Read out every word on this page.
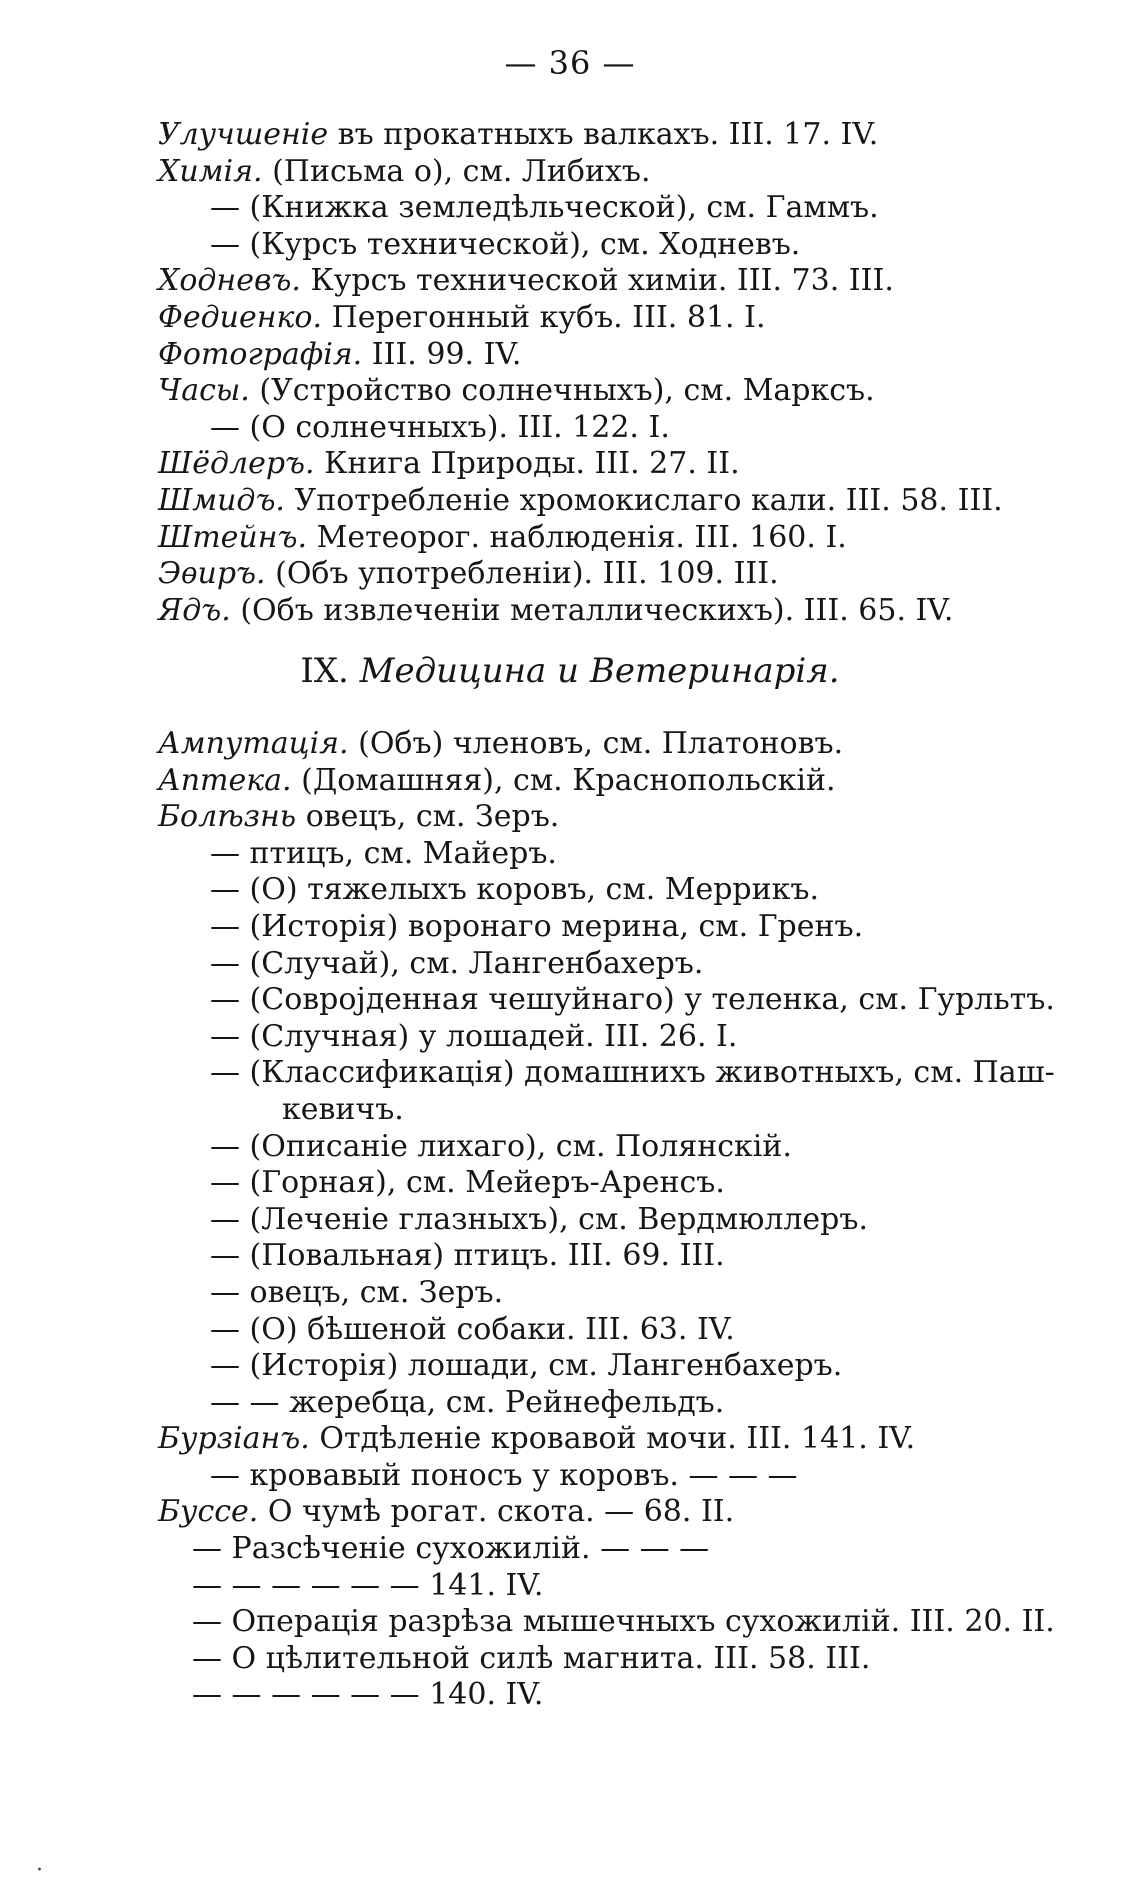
— 36 —
Улучшеніе въ прокатныхъ валкахъ. III. 17. IV.
Химія. (Письма о), см. Либихъ.
— (Книжка земледѣльческой), см. Гаммъ.
— (Курсъ технической), см. Ходневъ.
Ходневъ. Курсъ технической химіи. III. 73. III.
Федиенко. Перегонный кубъ. III. 81. I.
Фотографія. III. 99. IV.
Часы. (Устройство солнечныхъ), см. Марксъ.
— (О солнечныхъ). III. 122. I.
Шёдлеръ. Книга Природы. III. 27. II.
Шмидъ. Употребленіе хромокислаго кали. III. 58. III.
Штейнъ. Метеорог. наблюденія. III. 160. I.
Эѳиръ. (Объ употребленіи). III. 109. III.
Ядъ. (Объ извлеченіи металлическихъ). III. 65. IV.
IX. Медицина и Ветеринарія.
Ампутація. (Объ) членовъ, см. Платоновъ.
Аптека. (Домашняя), см. Краснопольскій.
Болѣзнь овецъ, см. Зеръ.
— птицъ, см. Майеръ.
— (О) тяжелыхъ коровъ, см. Меррикъ.
— (Исторія) воронаго мерина, см. Гренъ.
— (Случай), см. Лангенбахеръ.
— (Совроjденная чешуйнаго) у теленка, см. Гурльтъ.
— (Случная) у лошадей. III. 26. I.
— (Классификація) домашнихъ животныхъ, см. Паш-
кевичъ.
— (Описаніе лихаго), см. Полянскій.
— (Горная), см. Мейеръ-Аренсъ.
— (Леченіе глазныхъ), см. Вердмюллеръ.
— (Повальная) птицъ. III. 69. III.
— овецъ, см. Зеръ.
— (О) бѣшеной собаки. III. 63. IV.
— (Исторія) лошади, см. Лангенбахеръ.
— — жеребца, см. Рейнефельдъ.
Бурзіанъ. Отдѣленіе кровавой мочи. III. 141. IV.
— кровавый поносъ у коровъ. — — —
Буссе. О чумѣ рогат. скота. — 68. II.
— Разсѣченіе сухожилій. — — —
— — — — — — 141. IV.
— Операція разрѣза мышечныхъ сухожилій. III. 20. II.
— О цѣлительной силѣ магнита. III. 58. III.
— — — — — — 140. IV.
·
